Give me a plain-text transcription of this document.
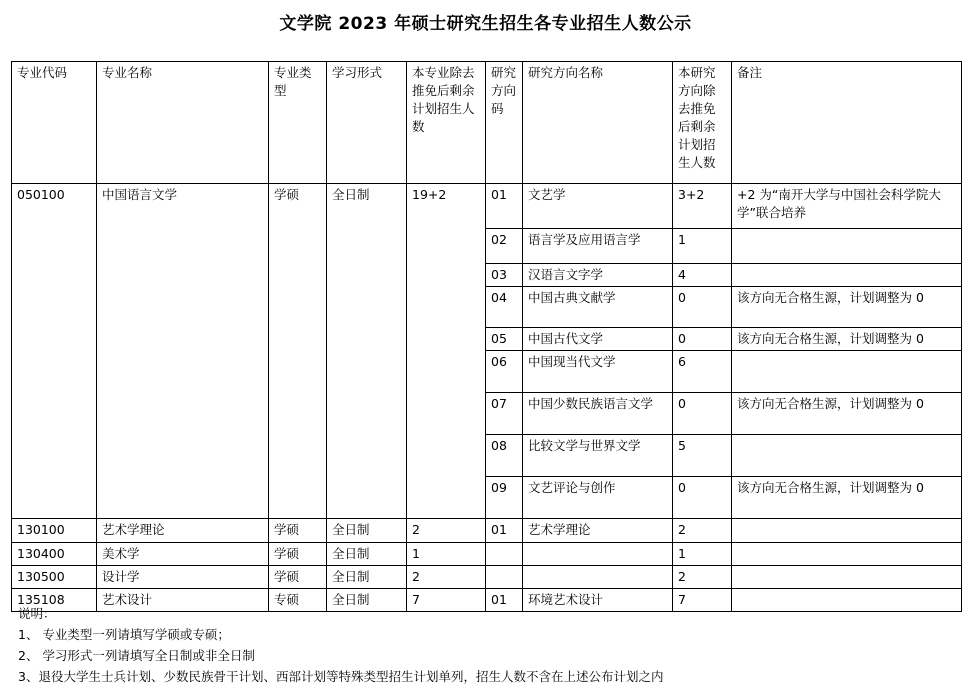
文学院 2023 年硕士研究生招生各专业招生人数公示
专业代码	专业名称	专业类型	学习形式	本专业除去推免后剩余计划招生人数	研究方向码	研究方向名称	本研究方向除去推免后剩余计划招生人数	备注
050100	中国语言文学	学硕	全日制	19+2	01	文艺学	3+2	+2 为“南开大学与中国社会科学院大学”联合培养
					02	语言学及应用语言学	1	
					03	汉语言文字学	4	
					04	中国古典文献学	0	该方向无合格生源，计划调整为 0
					05	中国古代文学	0	该方向无合格生源，计划调整为 0
					06	中国现当代文学	6	
					07	中国少数民族语言文学	0	该方向无合格生源，计划调整为 0
					08	比较文学与世界文学	5	
					09	文艺评论与创作	0	该方向无合格生源，计划调整为 0
130100	艺术学理论	学硕	全日制	2	01	艺术学理论	2	
130400	美术学	学硕	全日制	1			1	
130500	设计学	学硕	全日制	2			2	
135108	艺术设计	专硕	全日制	7	01	环境艺术设计	7	
说明：
1、 专业类型一列请填写学硕或专硕；
2、 学习形式一列请填写全日制或非全日制
3、退役大学生士兵计划、少数民族骨干计划、西部计划等特殊类型招生计划单列，招生人数不含在上述公布计划之内
